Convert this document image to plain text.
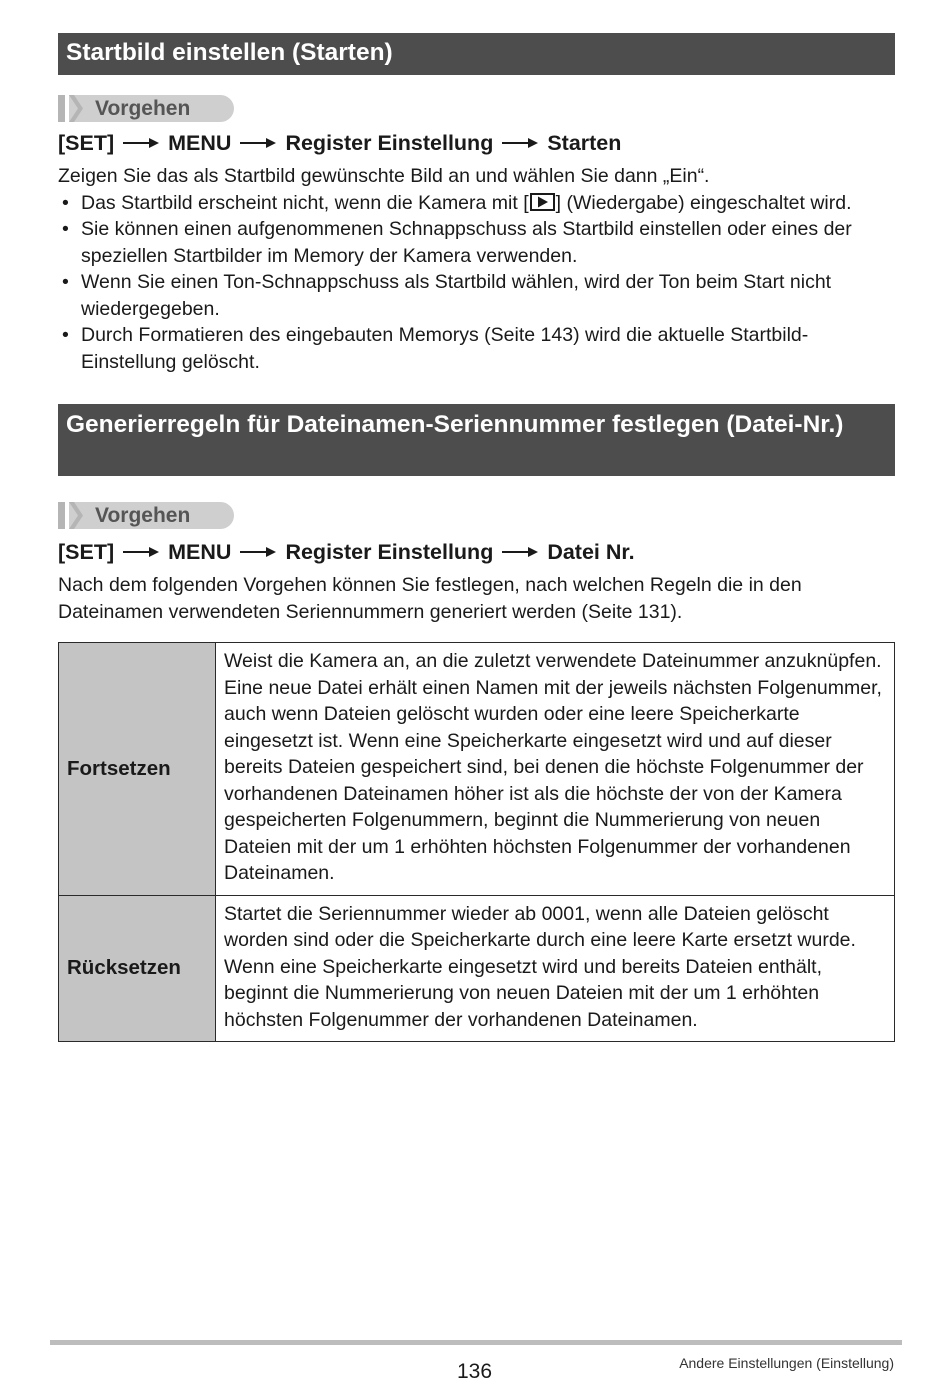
Startbild einstellen (Starten)
Vorgehen
[SET]	MENU	Register Einstellung	Starten
Zeigen Sie das als Startbild gewünschte Bild an und wählen Sie dann „Ein“.
• Das Startbild erscheint nicht, wenn die Kamera mit [ ] (Wiedergabe) eingeschaltet wird.
• Sie können einen aufgenommenen Schnappschuss als Startbild einstellen oder eines der speziellen Startbilder im Memory der Kamera verwenden.
• Wenn Sie einen Ton-Schnappschuss als Startbild wählen, wird der Ton beim Start nicht wiedergegeben.
• Durch Formatieren des eingebauten Memorys (Seite 143) wird die aktuelle Startbild-Einstellung gelöscht.
Generierregeln für Dateinamen-Seriennummer festlegen (Datei-Nr.)
Vorgehen
[SET]	MENU	Register Einstellung	Datei Nr.
Nach dem folgenden Vorgehen können Sie festlegen, nach welchen Regeln die in den Dateinamen verwendeten Seriennummern generiert werden (Seite 131).
Fortsetzen	Weist die Kamera an, an die zuletzt verwendete Dateinummer anzuknüpfen. Eine neue Datei erhält einen Namen mit der jeweils nächsten Folgenummer, auch wenn Dateien gelöscht wurden oder eine leere Speicherkarte eingesetzt ist. Wenn eine Speicherkarte eingesetzt wird und auf dieser bereits Dateien gespeichert sind, bei denen die höchste Folgenummer der vorhandenen Dateinamen höher ist als die höchste der von der Kamera gespeicherten Folgenummern, beginnt die Nummerierung von neuen Dateien mit der um 1 erhöhten höchsten Folgenummer der vorhandenen Dateinamen.
Rücksetzen	Startet die Seriennummer wieder ab 0001, wenn alle Dateien gelöscht worden sind oder die Speicherkarte durch eine leere Karte ersetzt wurde. Wenn eine Speicherkarte eingesetzt wird und bereits Dateien enthält, beginnt die Nummerierung von neuen Dateien mit der um 1 erhöhten höchsten Folgenummer der vorhandenen Dateinamen.
136	Andere Einstellungen (Einstellung)
